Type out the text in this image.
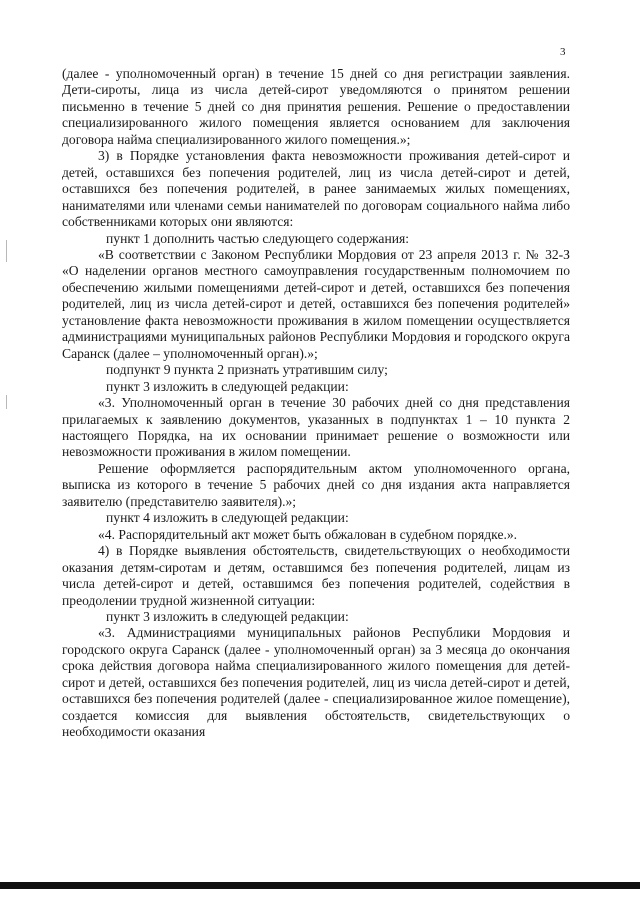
3

(далее - уполномоченный орган) в течение 15 дней со дня регистрации заявления. Дети-сироты, лица из числа детей-сирот уведомляются о принятом решении письменно в течение 5 дней со дня принятия решения. Решение о предоставлении специализированного жилого помещения является основанием для заключения договора найма специализированного жилого помещения.»;

3) в Порядке установления факта невозможности проживания детей-сирот и детей, оставшихся без попечения родителей, лиц из числа детей-сирот и детей, оставшихся без попечения родителей, в ранее занимаемых жилых помещениях, нанимателями или членами семьи нанимателей по договорам социального найма либо собственниками которых они являются:

пункт 1 дополнить частью следующего содержания:

«В соответствии с Законом Республики Мордовия от 23 апреля 2013 г. № 32-З «О наделении органов местного самоуправления государственным полномочием по обеспечению жилыми помещениями детей-сирот и детей, оставшихся без попечения родителей, лиц из числа детей-сирот и детей, оставшихся без попечения родителей» установление факта невозможности проживания в жилом помещении осуществляется администрациями муниципальных районов Республики Мордовия и городского округа Саранск (далее – уполномоченный орган).»;

подпункт 9 пункта 2 признать утратившим силу;

пункт 3 изложить в следующей редакции:

«3. Уполномоченный орган в течение 30 рабочих дней со дня представления прилагаемых к заявлению документов, указанных в подпунктах 1 – 10 пункта 2 настоящего Порядка, на их основании принимает решение о возможности или невозможности проживания в жилом помещении.

Решение оформляется распорядительным актом уполномоченного органа, выписка из которого в течение 5 рабочих дней со дня издания акта направляется заявителю (представителю заявителя).»;

пункт 4 изложить в следующей редакции:

«4. Распорядительный акт может быть обжалован в судебном порядке.».

4) в Порядке выявления обстоятельств, свидетельствующих о необходимости оказания детям-сиротам и детям, оставшимся без попечения родителей, лицам из числа детей-сирот и детей, оставшимся без попечения родителей, содействия в преодолении трудной жизненной ситуации:

пункт 3 изложить в следующей редакции:

«3. Администрациями муниципальных районов Республики Мордовия и городского округа Саранск (далее - уполномоченный орган) за 3 месяца до окончания срока действия договора найма специализированного жилого помещения для детей-сирот и детей, оставшихся без попечения родителей, лиц из числа детей-сирот и детей, оставшихся без попечения родителей (далее - специализированное жилое помещение), создается комиссия для выявления обстоятельств, свидетельствующих о необходимости оказания
